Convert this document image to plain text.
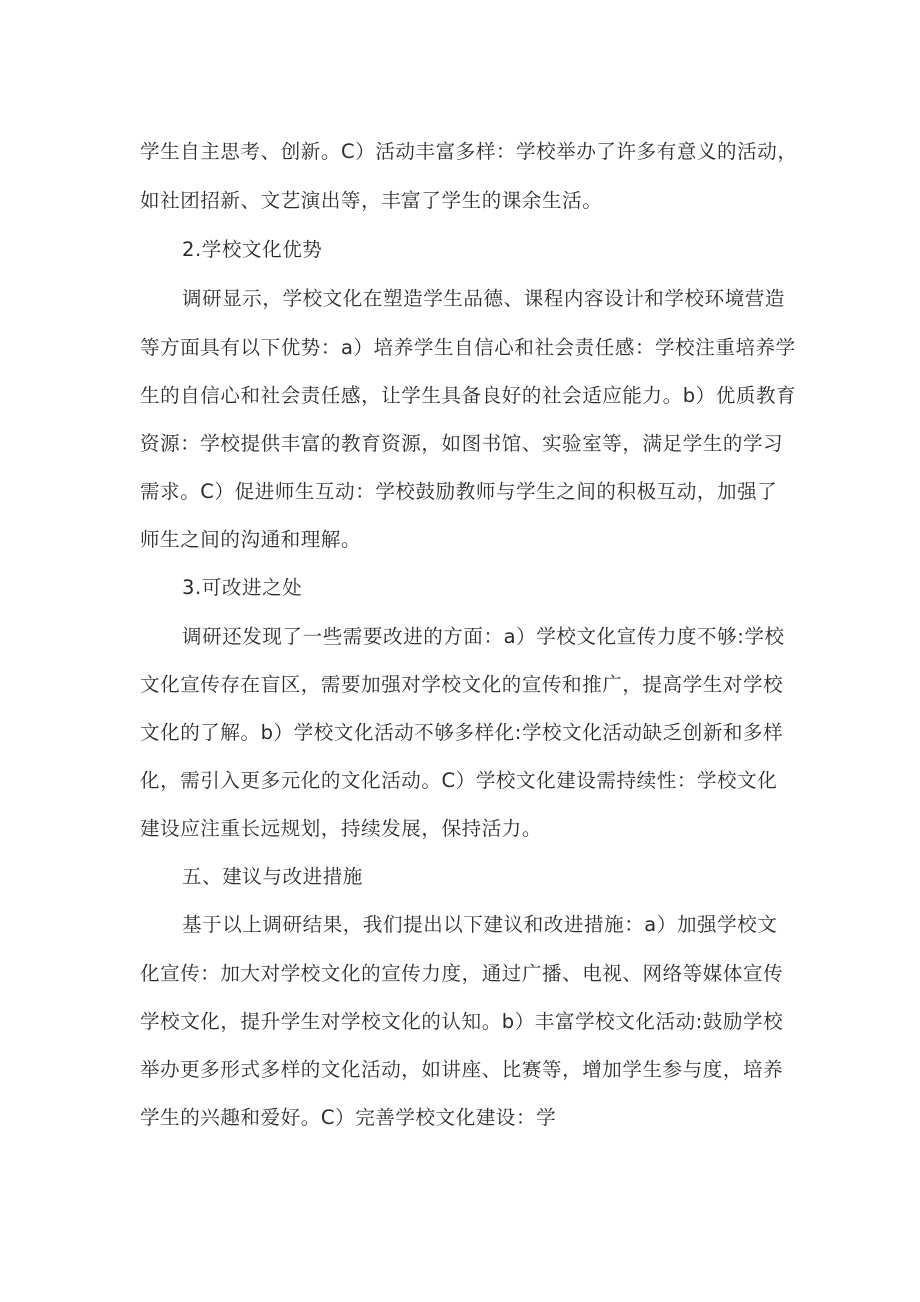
学生自主思考、创新。C）活动丰富多样：学校举办了许多有意义的活动，
如社团招新、文艺演出等，丰富了学生的课余生活。
2.学校文化优势
调研显示，学校文化在塑造学生品德、课程内容设计和学校环境营造
等方面具有以下优势：a）培养学生自信心和社会责任感：学校注重培养学
生的自信心和社会责任感，让学生具备良好的社会适应能力。b）优质教育
资源：学校提供丰富的教育资源，如图书馆、实验室等，满足学生的学习
需求。C）促进师生互动：学校鼓励教师与学生之间的积极互动，加强了
师生之间的沟通和理解。
3.可改进之处
调研还发现了一些需要改进的方面：a）学校文化宣传力度不够:学校
文化宣传存在盲区，需要加强对学校文化的宣传和推广，提高学生对学校
文化的了解。b）学校文化活动不够多样化:学校文化活动缺乏创新和多样
化，需引入更多元化的文化活动。C）学校文化建设需持续性：学校文化
建设应注重长远规划，持续发展，保持活力。
五、建议与改进措施
基于以上调研结果，我们提出以下建议和改进措施：a）加强学校文
化宣传：加大对学校文化的宣传力度，通过广播、电视、网络等媒体宣传
学校文化，提升学生对学校文化的认知。b）丰富学校文化活动:鼓励学校
举办更多形式多样的文化活动，如讲座、比赛等，增加学生参与度，培养
学生的兴趣和爱好。C）完善学校文化建设：学
